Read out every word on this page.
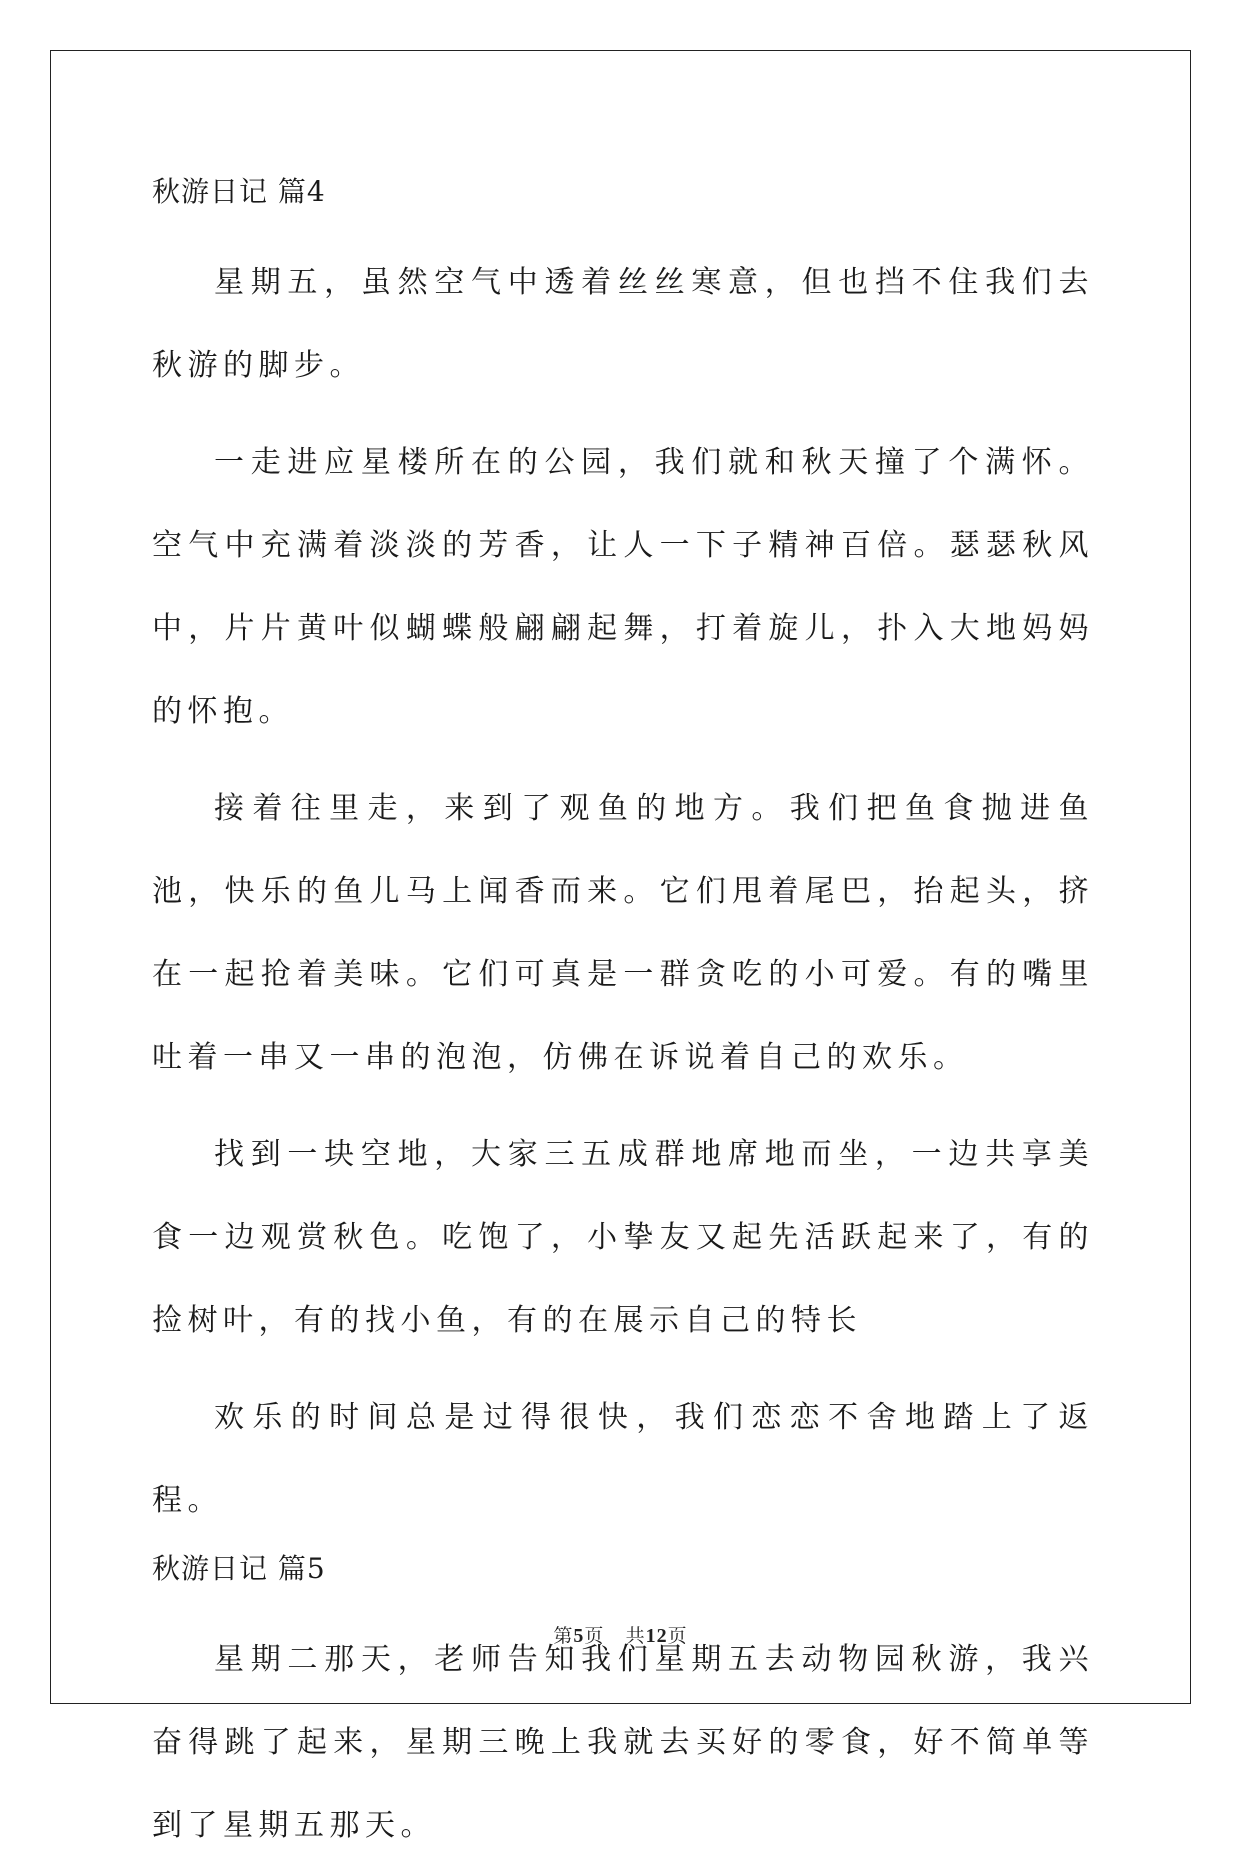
秋游日记 篇4

星期五，虽然空气中透着丝丝寒意，但也挡不住我们去秋游的脚步。

一走进应星楼所在的公园，我们就和秋天撞了个满怀。空气中充满着淡淡的芳香，让人一下子精神百倍。瑟瑟秋风中，片片黄叶似蝴蝶般翩翩起舞，打着旋儿，扑入大地妈妈的怀抱。

接着往里走，来到了观鱼的地方。我们把鱼食抛进鱼池，快乐的鱼儿马上闻香而来。它们甩着尾巴，抬起头，挤在一起抢着美味。它们可真是一群贪吃的小可爱。有的嘴里吐着一串又一串的泡泡，仿佛在诉说着自己的欢乐。

找到一块空地，大家三五成群地席地而坐，一边共享美食一边观赏秋色。吃饱了，小挚友又起先活跃起来了，有的捡树叶，有的找小鱼，有的在展示自己的特长

欢乐的时间总是过得很快，我们恋恋不舍地踏上了返程。

秋游日记 篇5

星期二那天，老师告知我们星期五去动物园秋游，我兴奋得跳了起来，星期三晚上我就去买好的零食，好不简单等到了星期五那天。

第5页 共12页
